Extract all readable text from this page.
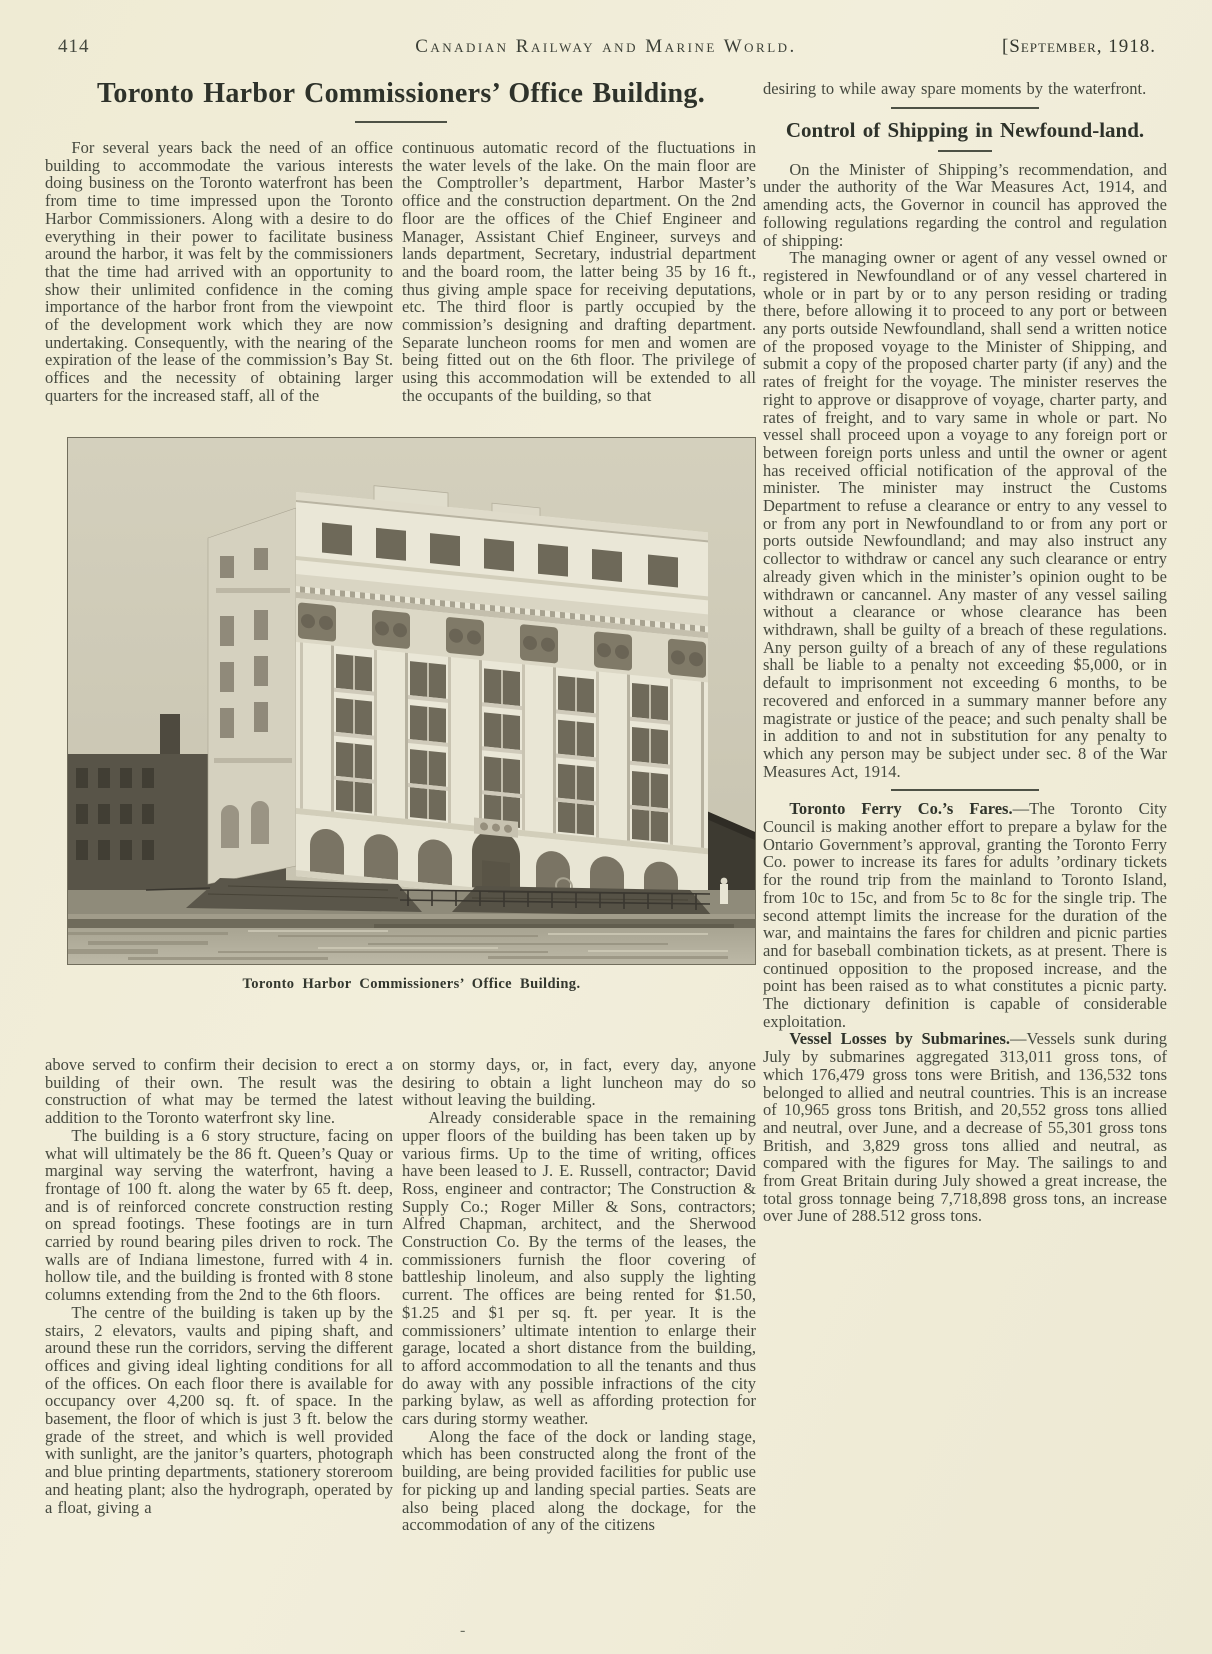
414	Canadian Railway and Marine World.	[September, 1918.
Toronto Harbor Commissioners’ Office Building.

For several years back the need of an office building to accommodate the various interests doing business on the Toronto waterfront has been from time to time impressed upon the Toronto Harbor Commissioners. Along with a desire to do everything in their power to facilitate business around the harbor, it was felt by the commissioners that the time had arrived with an opportunity to show their unlimited confidence in the coming importance of the harbor front from the viewpoint of the development work which they are now undertaking. Consequently, with the nearing of the expiration of the lease of the commission’s Bay St. offices and the necessity of obtaining larger quarters for the increased staff, all of the

continuous automatic record of the fluctuations in the water levels of the lake. On the main floor are the Comptroller’s department, Harbor Master’s office and the construction department. On the 2nd floor are the offices of the Chief Engineer and Manager, Assistant Chief Engineer, surveys and lands department, Secretary, industrial department and the board room, the latter being 35 by 16 ft., thus giving ample space for receiving deputations, etc. The third floor is partly occupied by the commission’s designing and drafting department. Separate luncheon rooms for men and women are being fitted out on the 6th floor. The privilege of using this accommodation will be extended to all the occupants of the building, so that

Toronto Harbor Commissioners’ Office Building.

above served to confirm their decision to erect a building of their own. The result was the construction of what may be termed the latest addition to the Toronto waterfront sky line.

The building is a 6 story structure, facing on what will ultimately be the 86 ft. Queen’s Quay or marginal way serving the waterfront, having a frontage of 100 ft. along the water by 65 ft. deep, and is of reinforced concrete construction resting on spread footings. These footings are in turn carried by round bearing piles driven to rock. The walls are of Indiana limestone, furred with 4 in. hollow tile, and the building is fronted with 8 stone columns extending from the 2nd to the 6th floors.

The centre of the building is taken up by the stairs, 2 elevators, vaults and piping shaft, and around these run the corridors, serving the different offices and giving ideal lighting conditions for all of the offices. On each floor there is available for occupancy over 4,200 sq. ft. of space. In the basement, the floor of which is just 3 ft. below the grade of the street, and which is well provided with sunlight, are the janitor’s quarters, photograph and blue printing departments, stationery storeroom and heating plant; also the hydrograph, operated by a float, giving a

on stormy days, or, in fact, every day, anyone desiring to obtain a light luncheon may do so without leaving the building.

Already considerable space in the remaining upper floors of the building has been taken up by various firms. Up to the time of writing, offices have been leased to J. E. Russell, contractor; David Ross, engineer and contractor; The Construction & Supply Co.; Roger Miller & Sons, contractors; Alfred Chapman, architect, and the Sherwood Construction Co. By the terms of the leases, the commissioners furnish the floor covering of battleship linoleum, and also supply the lighting current. The offices are being rented for $1.50, $1.25 and $1 per sq. ft. per year. It is the commissioners’ ultimate intention to enlarge their garage, located a short distance from the building, to afford accommodation to all the tenants and thus do away with any possible infractions of the city parking bylaw, as well as affording protection for cars during stormy weather.

Along the face of the dock or landing stage, which has been constructed along the front of the building, are being provided facilities for public use for picking up and landing special parties. Seats are also being placed along the dockage, for the accommodation of any of the citizens

desiring to while away spare moments by the waterfront.

Control of Shipping in Newfound-land.

On the Minister of Shipping’s recommendation, and under the authority of the War Measures Act, 1914, and amending acts, the Governor in council has approved the following regulations regarding the control and regulation of shipping:

The managing owner or agent of any vessel owned or registered in Newfoundland or of any vessel chartered in whole or in part by or to any person residing or trading there, before allowing it to proceed to any port or between any ports outside Newfoundland, shall send a written notice of the proposed voyage to the Minister of Shipping, and submit a copy of the proposed charter party (if any) and the rates of freight for the voyage. The minister reserves the right to approve or disapprove of voyage, charter party, and rates of freight, and to vary same in whole or part. No vessel shall proceed upon a voyage to any foreign port or between foreign ports unless and until the owner or agent has received official notification of the approval of the minister. The minister may instruct the Customs Department to refuse a clearance or entry to any vessel to or from any port in Newfoundland to or from any port or ports outside Newfoundland; and may also instruct any collector to withdraw or cancel any such clearance or entry already given which in the minister’s opinion ought to be withdrawn or cancannel. Any master of any vessel sailing without a clearance or whose clearance has been withdrawn, shall be guilty of a breach of these regulations. Any person guilty of a breach of any of these regulations shall be liable to a penalty not exceeding $5,000, or in default to imprisonment not exceeding 6 months, to be recovered and enforced in a summary manner before any magistrate or justice of the peace; and such penalty shall be in addition to and not in substitution for any penalty to which any person may be subject under sec. 8 of the War Measures Act, 1914.

Toronto Ferry Co.’s Fares.—The Toronto City Council is making another effort to prepare a bylaw for the Ontario Government’s approval, granting the Toronto Ferry Co. power to increase its fares for adults ’ordinary tickets for the round trip from the mainland to Toronto Island, from 10c to 15c, and from 5c to 8c for the single trip. The second attempt limits the increase for the duration of the war, and maintains the fares for children and picnic parties and for baseball combination tickets, as at present. There is continued opposition to the proposed increase, and the point has been raised as to what constitutes a picnic party. The dictionary definition is capable of considerable exploitation.

Vessel Losses by Submarines.—Vessels sunk during July by submarines aggregated 313,011 gross tons, of which 176,479 gross tons were British, and 136,532 tons belonged to allied and neutral countries. This is an increase of 10,965 gross tons British, and 20,552 gross tons allied and neutral, over June, and a decrease of 55,301 gross tons British, and 3,829 gross tons allied and neutral, as compared with the figures for May. The sailings to and from Great Britain during July showed a great increase, the total gross tonnage being 7,718,898 gross tons, an increase over June of 288.512 gross tons.

-
